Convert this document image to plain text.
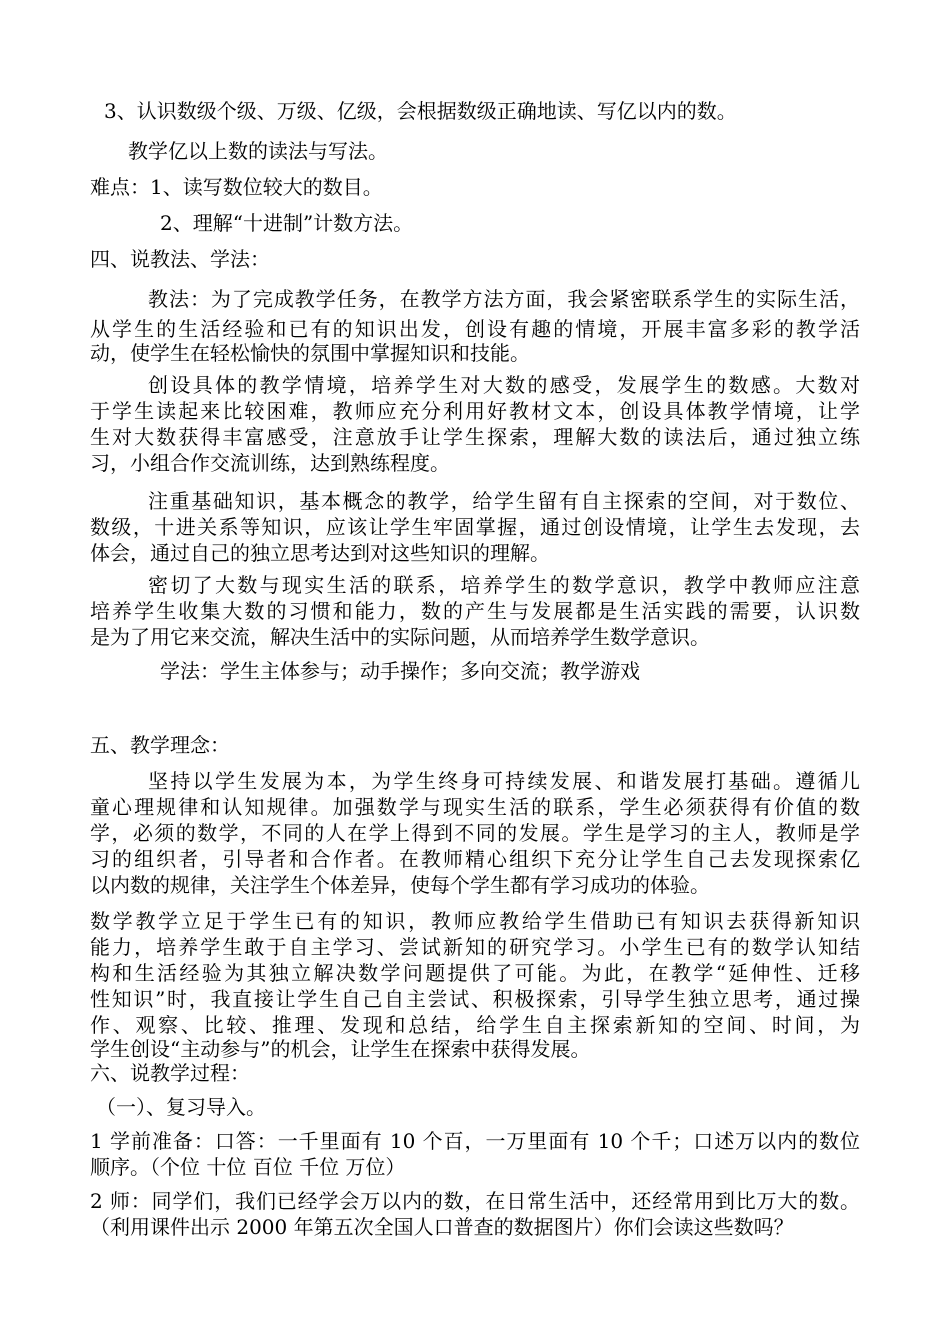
3、认识数级个级、万级、亿级，会根据数级正确地读、写亿以内的数。
教学亿以上数的读法与写法。
难点：1、读写数位较大的数目。
2、理解“十进制”计数方法。
四、说教法、学法：
教法：为了完成教学任务，在教学方法方面，我会紧密联系学生的实际生活，
从学生的生活经验和已有的知识出发，创设有趣的情境，开展丰富多彩的教学活
动，使学生在轻松愉快的氛围中掌握知识和技能。
创设具体的教学情境，培养学生对大数的感受，发展学生的数感。大数对
于学生读起来比较困难，教师应充分利用好教材文本，创设具体教学情境，让学
生对大数获得丰富感受，注意放手让学生探索，理解大数的读法后，通过独立练
习，小组合作交流训练，达到熟练程度。
注重基础知识，基本概念的教学，给学生留有自主探索的空间，对于数位、
数级，十进关系等知识，应该让学生牢固掌握，通过创设情境，让学生去发现，去
体会，通过自己的独立思考达到对这些知识的理解。
密切了大数与现实生活的联系，培养学生的数学意识，教学中教师应注意
培养学生收集大数的习惯和能力，数的产生与发展都是生活实践的需要，认识数
是为了用它来交流，解决生活中的实际问题，从而培养学生数学意识。
学法：学生主体参与；动手操作；多向交流；教学游戏
五、教学理念：
坚持以学生发展为本，为学生终身可持续发展、和谐发展打基础。遵循儿
童心理规律和认知规律。加强数学与现实生活的联系，学生必须获得有价值的数
学，必须的数学，不同的人在学上得到不同的发展。学生是学习的主人，教师是学
习的组织者，引导者和合作者。在教师精心组织下充分让学生自己去发现探索亿
以内数的规律，关注学生个体差异，使每个学生都有学习成功的体验。
数学教学立足于学生已有的知识，教师应教给学生借助已有知识去获得新知识
能力，培养学生敢于自主学习、尝试新知的研究学习。小学生已有的数学认知结
构和生活经验为其独立解决数学问题提供了可能。为此，在教学“延伸性、迁移
性知识”时，我直接让学生自己自主尝试、积极探索，引导学生独立思考，通过操
作、观察、比较、推理、发现和总结，给学生自主探索新知的空间、时间，为
学生创设“主动参与”的机会，让学生在探索中获得发展。
六、说教学过程：
（一）、复习导入。
1 学前准备：口答：一千里面有 10 个百，一万里面有 10 个千；口述万以内的数位
顺序。（个位 十位 百位 千位 万位）
2 师：同学们，我们已经学会万以内的数，在日常生活中，还经常用到比万大的数。
（利用课件出示 2000 年第五次全国人口普查的数据图片）你们会读这些数吗？
